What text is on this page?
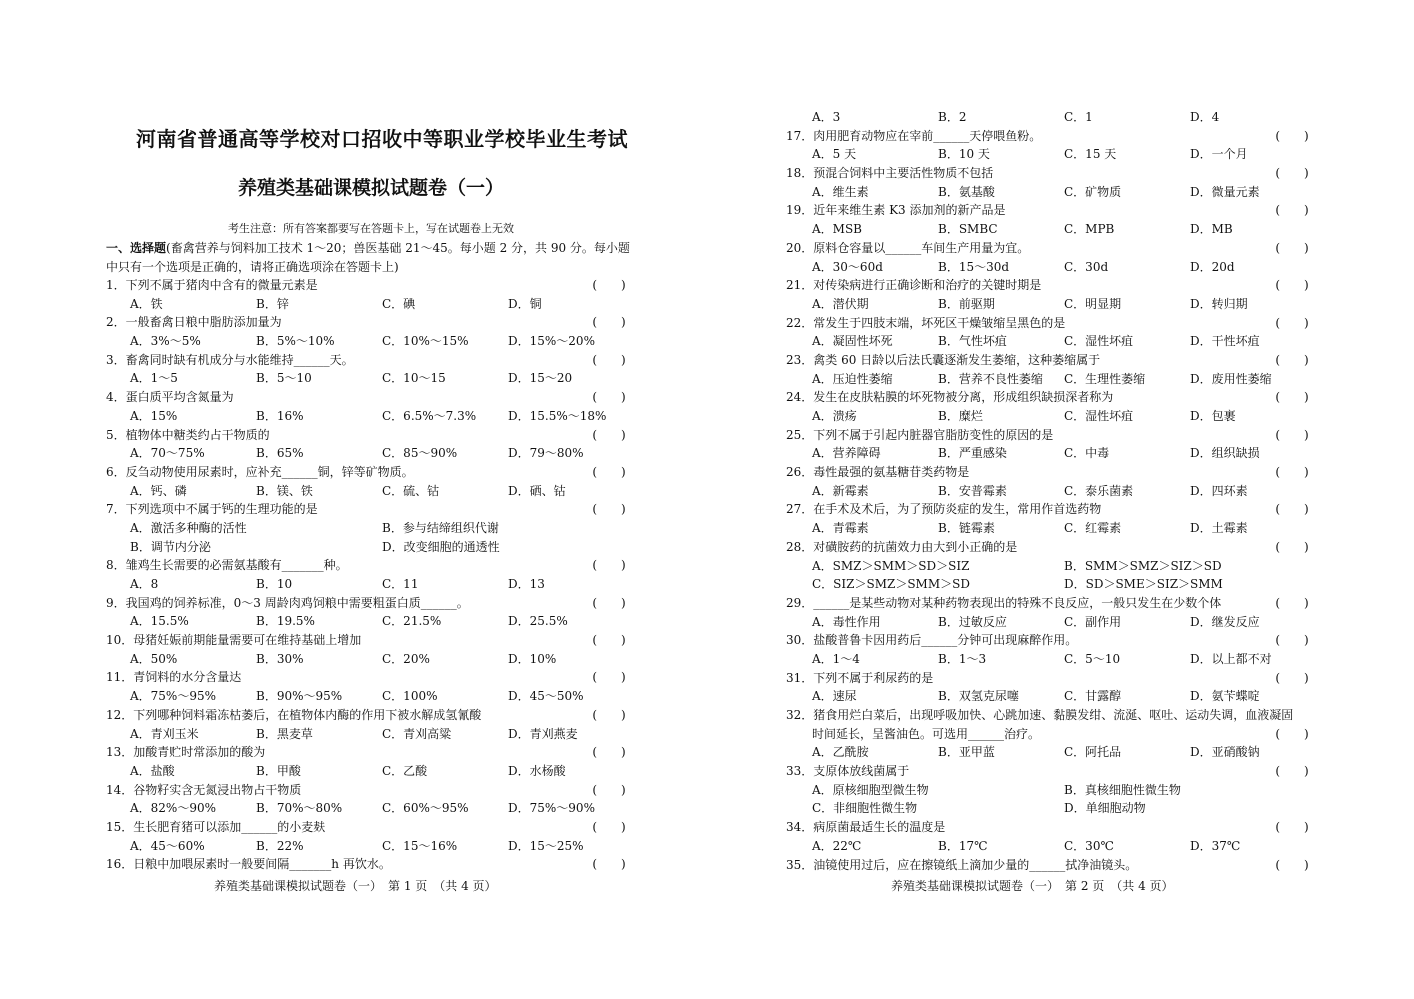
河南省普通高等学校对口招收中等职业学校毕业生考试
养殖类基础课模拟试题卷（一）
考生注意：所有答案都要写在答题卡上，写在试题卷上无效
一、选择题(畜禽营养与饲料加工技术 1～20；兽医基础 21～45。每小题 2 分，共 90 分。每小题
中只有一个选项是正确的，请将正确选项涂在答题卡上)
1．下列不属于猪肉中含有的微量元素是	(　　)
A．铁	B．锌	C．碘	D．铜
2．一般畜禽日粮中脂肪添加量为	(　　)
A．3%～5%	B．5%～10%	C．10%～15%	D．15%～20%
3．畜禽同时缺有机成分与水能维持______天。	(　　)
A．1～5	B．5～10	C．10～15	D．15～20
4．蛋白质平均含氮量为	(　　)
A．15%	B．16%	C．6.5%～7.3%	D．15.5%～18%
5．植物体中糖类约占干物质的	(　　)
A．70～75%	B．65%	C．85～90%	D．79～80%
6．反刍动物使用尿素时，应补充______铜，锌等矿物质。	(　　)
A．钙、磷	B．镁、铁	C．硫、钴	D．硒、钴
7．下列选项中不属于钙的生理功能的是	(　　)
A．激活多种酶的活性	B．参与结缔组织代谢
B．调节内分泌	D．改变细胞的通透性
8．雏鸡生长需要的必需氨基酸有_______种。	(　　)
A．8	B．10	C．11	D．13
9．我国鸡的饲养标准，0～3 周龄肉鸡饲粮中需要粗蛋白质______。	(　　)
A．15.5%	B．19.5%	C．21.5%	D．25.5%
10．母猪妊娠前期能量需要可在维持基础上增加	(　　)
A．50%	B．30%	C．20%	D．10%
11．青饲料的水分含量达	(　　)
A．75%～95%	B．90%～95%	C．100%	D．45～50%
12．下列哪种饲料霜冻枯萎后，在植物体内酶的作用下被水解成氢氰酸	(　　)
A．青刈玉米	B．黑麦草	C．青刈高粱	D．青刈燕麦
13．加酸青贮时常添加的酸为	(　　)
A．盐酸	B．甲酸	C．乙酸	D．水杨酸
14．谷物籽实含无氮浸出物占干物质	(　　)
A．82%～90%	B．70%～80%	C．60%～95%	D．75%～90%
15．生长肥育猪可以添加______的小麦麸	(　　)
A．45～60%	B．22%	C．15～16%	D．15～25%
16．日粮中加喂尿素时一般要间隔_______h 再饮水。	(　　)
养殖类基础课模拟试题卷（一）　第 1 页　（共 4 页）
A．3	B．2	C．1	D．4
17．肉用肥育动物应在宰前______天停喂鱼粉。	(　　)
A．5 天	B．10 天	C．15 天	D．一个月
18．预混合饲料中主要活性物质不包括	(　　)
A．维生素	B．氨基酸	C．矿物质	D．微量元素
19．近年来维生素 K3 添加剂的新产品是	(　　)
A．MSB	B．SMBC	C．MPB	D．MB
20．原料仓容量以______车间生产用量为宜。	(　　)
A．30～60d	B．15～30d	C．30d	D．20d
21．对传染病进行正确诊断和治疗的关键时期是	(　　)
A．潜伏期	B．前驱期	C．明显期	D．转归期
22．常发生于四肢末端，坏死区干燥皱缩呈黑色的是	(　　)
A．凝固性坏死	B．气性坏疽	C．湿性坏疽	D．干性坏疽
23．禽类 60 日龄以后法氏囊逐渐发生萎缩，这种萎缩属于	(　　)
A．压迫性萎缩	B．营养不良性萎缩 C．生理性萎缩	D．废用性萎缩
24．发生在皮肤粘膜的坏死物被分离，形成组织缺损深者称为	(　　)
A．溃疡	B．糜烂	C．湿性坏疽	D．包裹
25．下列不属于引起内脏器官脂肪变性的原因的是	(　　)
A．营养障碍	B．严重感染	C．中毒	D．组织缺损
26．毒性最强的氨基糖苷类药物是	(　　)
A．新霉素	B．安普霉素	C．泰乐菌素	D．四环素
27．在手术及术后，为了预防炎症的发生，常用作首选药物	(　　)
A．青霉素	B．链霉素	C．红霉素	D．土霉素
28．对磺胺药的抗菌效力由大到小正确的是	(　　)
A．SMZ＞SMM＞SD＞SIZ	B．SMM＞SMZ＞SIZ＞SD
C．SIZ＞SMZ＞SMM＞SD	D．SD＞SME＞SIZ＞SMM
29．______是某些动物对某种药物表现出的特殊不良反应，一般只发生在少数个体	(　　)
A．毒性作用	B．过敏反应	C．副作用	D．继发反应
30．盐酸普鲁卡因用药后______分钟可出现麻醉作用。	(　　)
A．1～4	B．1～3	C．5～10	D．以上都不对
31．下列不属于利尿药的是	(　　)
A．速尿	B．双氢克尿噻	C．甘露醇	D．氨苄蝶啶
32．猪食用烂白菜后，出现呼吸加快、心跳加速、黏膜发绀、流涎、呕吐、运动失调，血液凝固
时间延长，呈酱油色。可选用______治疗。	(　　)
A．乙酰胺	B．亚甲蓝	C．阿托品	D．亚硝酸钠
33．支原体放线菌属于	(　　)
A．原核细胞型微生物	B．真核细胞性微生物
C．非细胞性微生物	D．单细胞动物
34．病原菌最适生长的温度是	(　　)
A．22℃	B．17℃	C．30℃	D．37℃
35．油镜使用过后，应在擦镜纸上滴加少量的______拭净油镜头。	(　　)
养殖类基础课模拟试题卷（一）　第 2 页　（共 4 页）
